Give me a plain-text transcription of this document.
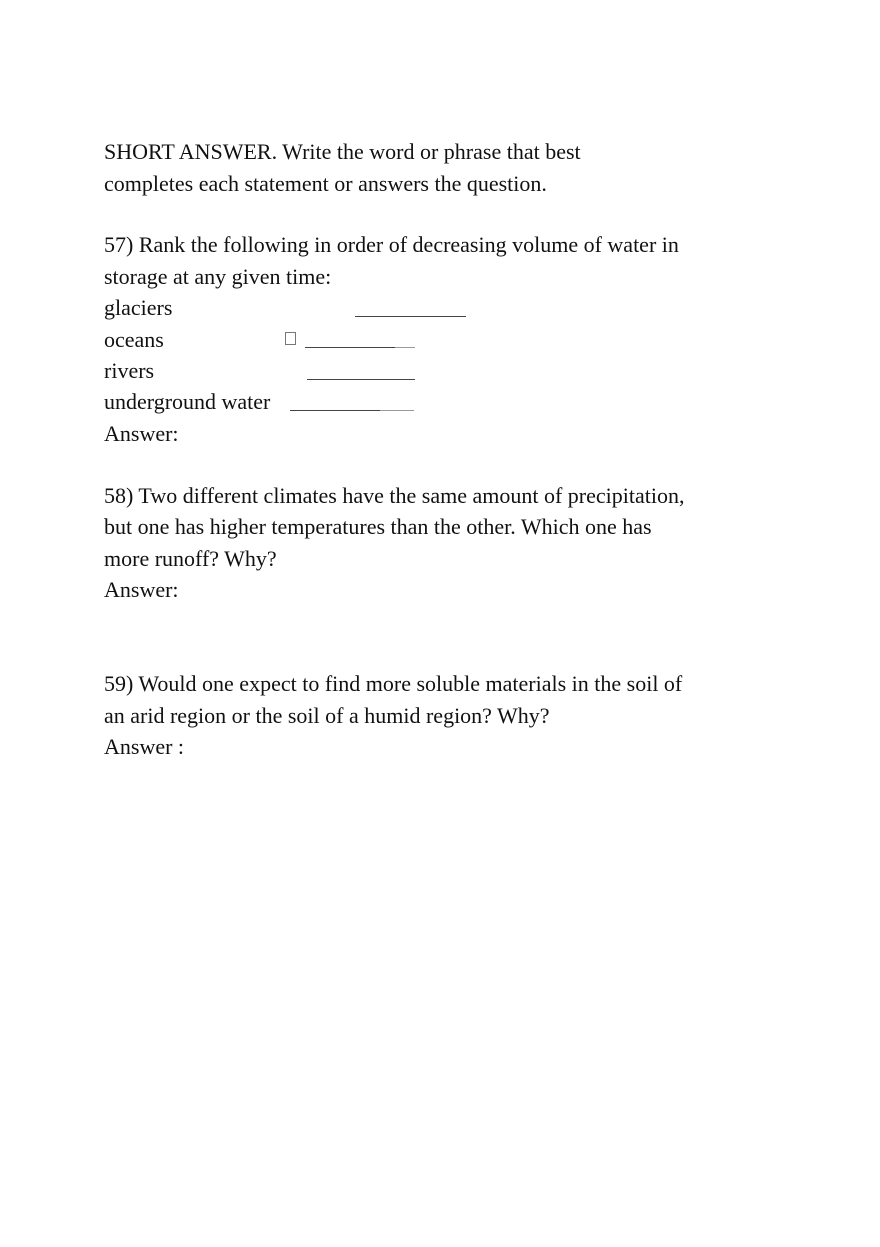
SHORT ANSWER. Write the word or phrase that best
completes each statement or answers the question.
57) Rank the following in order of decreasing volume of water in
storage at any given time:
glaciers
oceans
rivers
underground water
Answer:
58) Two different climates have the same amount of precipitation,
but one has higher temperatures than the other. Which one has
more runoff? Why?
Answer:
59) Would one expect to find more soluble materials in the soil of
an arid region or the soil of a humid region? Why?
Answer :
